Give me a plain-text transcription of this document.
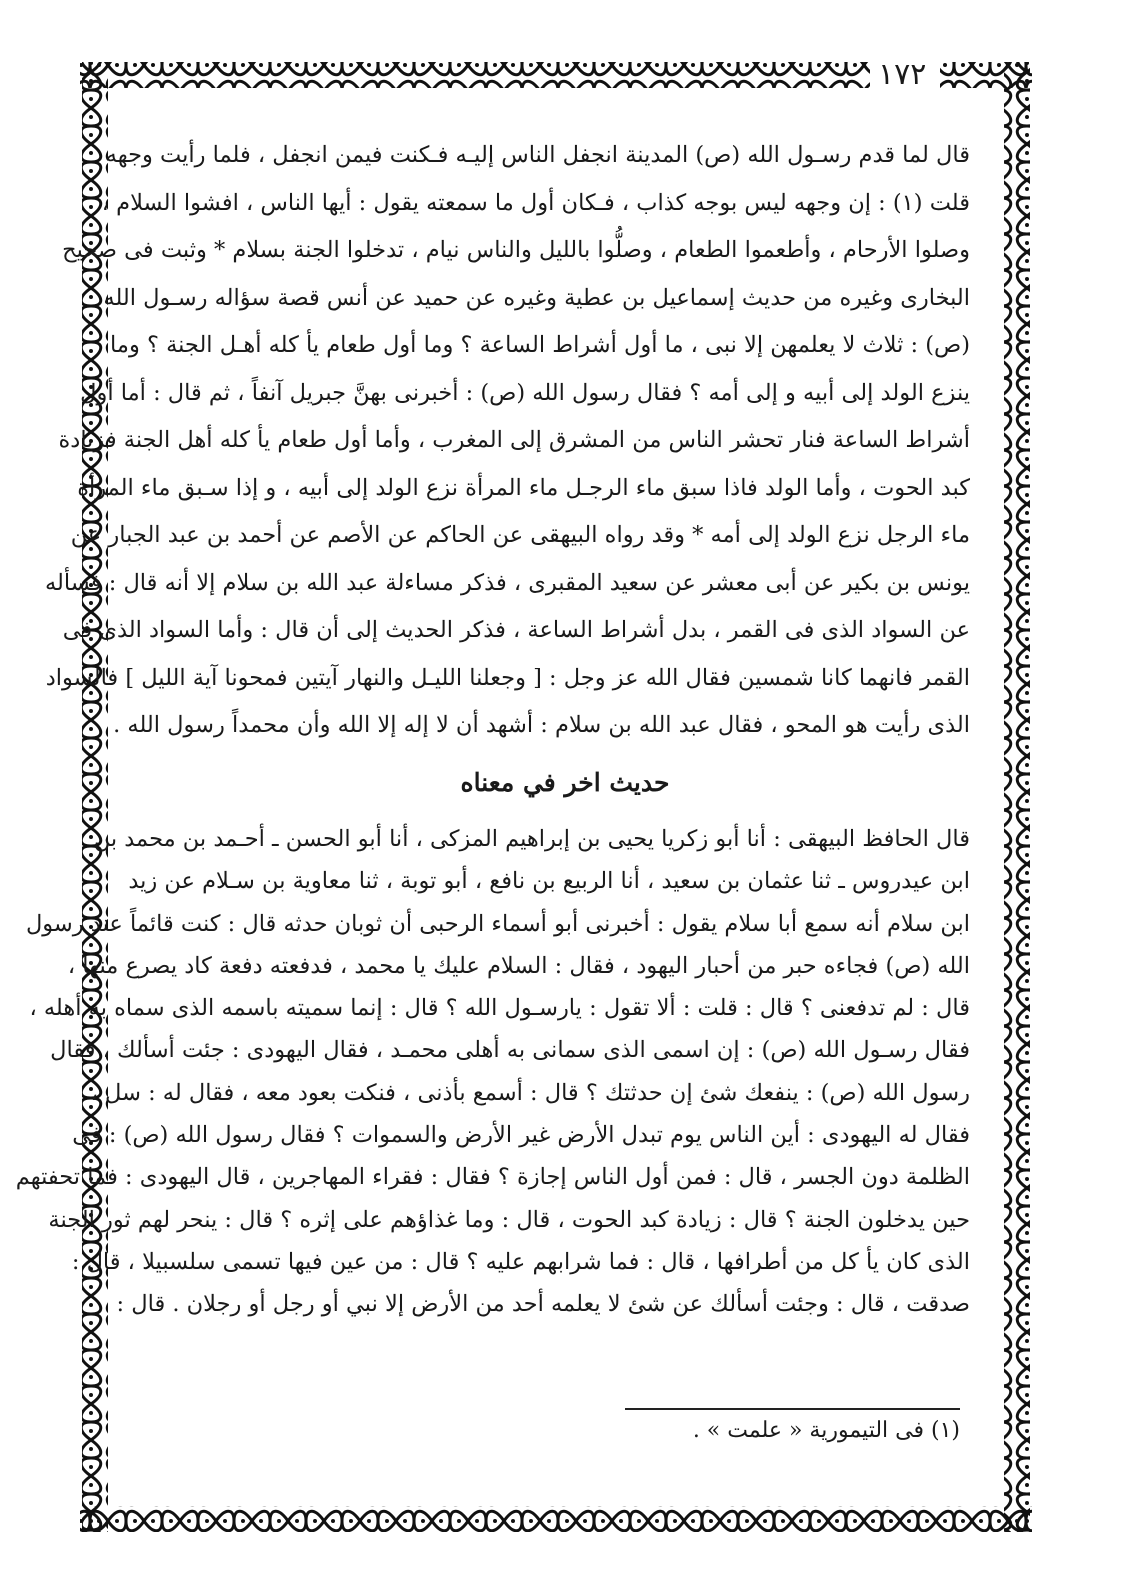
١٧٢
قال لما قدم رسـول الله (ص) المدينة انجفل الناس إليـه فـكنت فيمن انجفل ، فلما رأيت وجهه
قلت (١) : إن وجهه ليس بوجه كذاب ، فـكان أول ما سمعته يقول : أيها الناس ، افشوا السلام ،
وصلوا الأرحام ، وأطعموا الطعام ، وصلُّوا بالليل والناس نيام ، تدخلوا الجنة بسلام * وثبت فى صحيح
البخارى وغيره من حديث إسماعيل بن عطية وغيره عن حميد عن أنس قصة سؤاله رسـول الله
(ص) : ثلاث لا يعلمهن إلا نبى ، ما أول أشراط الساعة ؟ وما أول طعام يأ كله أهـل الجنة ؟ وما
ينزع الولد إلى أبيه و إلى أمه ؟ فقال رسول الله (ص) : أخبرنى بهنَّ جبريل آنفاً ، ثم قال : أما أول
أشراط الساعة فنار تحشر الناس من المشرق إلى المغرب ، وأما أول طعام يأ كله أهل الجنة فزيادة
كبد الحوت ، وأما الولد فاذا سبق ماء الرجـل ماء المرأة نزع الولد إلى أبيه ، و إذا سـبق ماء المرأة
ماء الرجل نزع الولد إلى أمه * وقد رواه البيهقى عن الحاكم عن الأصم عن أحمد بن عبد الجبار عن
يونس بن بكير عن أبى معشر عن سعيد المقبرى ، فذكر مساءلة عبد الله بن سلام إلا أنه قال : فسأله
عن السواد الذى فى القمر ، بدل أشراط الساعة ، فذكر الحديث إلى أن قال : وأما السواد الذى فى
القمر فانهما كانا شمسين فقال الله عز وجل : [ وجعلنا الليـل والنهار آيتين فمحونا آية الليل ] فالسواد
الذى رأيت هو المحو ، فقال عبد الله بن سلام : أشهد أن لا إله إلا الله وأن محمداً رسول الله .
حديث اخر في معناه
قال الحافظ البيهقى : أنا أبو زكريا يحيى بن إبراهيم المزكى ، أنا أبو الحسن ـ أحـمد بن محمد بن
ابن عيدروس ـ ثنا عثمان بن سعيد ، أنا الربيع بن نافع ، أبو توبة ، ثنا معاوية بن سـلام عن زيد
ابن سلام أنه سمع أبا سلام يقول : أخبرنى أبو أسماء الرحبى أن ثوبان حدثه قال : كنت قائماً عند رسول
الله (ص) فجاءه حبر من أحبار اليهود ، فقال : السلام عليك يا محمد ، فدفعته دفعة كاد يصرع منها ،
قال : لم تدفعنى ؟ قال : قلت : ألا تقول : يارسـول الله ؟ قال : إنما سميته باسمه الذى سماه به أهله ،
فقال رسـول الله (ص) : إن اسمى الذى سمانى به أهلى محمـد ، فقال اليهودى : جئت أسألك ، فقال
رسول الله (ص) : ينفعك شئ إن حدثتك ؟ قال : أسمع بأذنى ، فنكت بعود معه ، فقال له : سل ،
فقال له اليهودى : أين الناس يوم تبدل الأرض غير الأرض والسموات ؟ فقال رسول الله (ص) : فى
الظلمة دون الجسر ، قال : فمن أول الناس إجازة ؟ فقال : فقراء المهاجرين ، قال اليهودى : فما تحفتهم
حين يدخلون الجنة ؟ قال : زيادة كبد الحوت ، قال : وما غذاؤهم على إثره ؟ قال : ينحر لهم ثور الجنة
الذى كان يأ كل من أطرافها ، قال : فما شرابهم عليه ؟ قال : من عين فيها تسمى سلسبيلا ، قال :
صدقت ، قال : وجئت أسألك عن شئ لا يعلمه أحد من الأرض إلا نبي أو رجل أو رجلان . قال :
(١) فى التيمورية « علمت » .
